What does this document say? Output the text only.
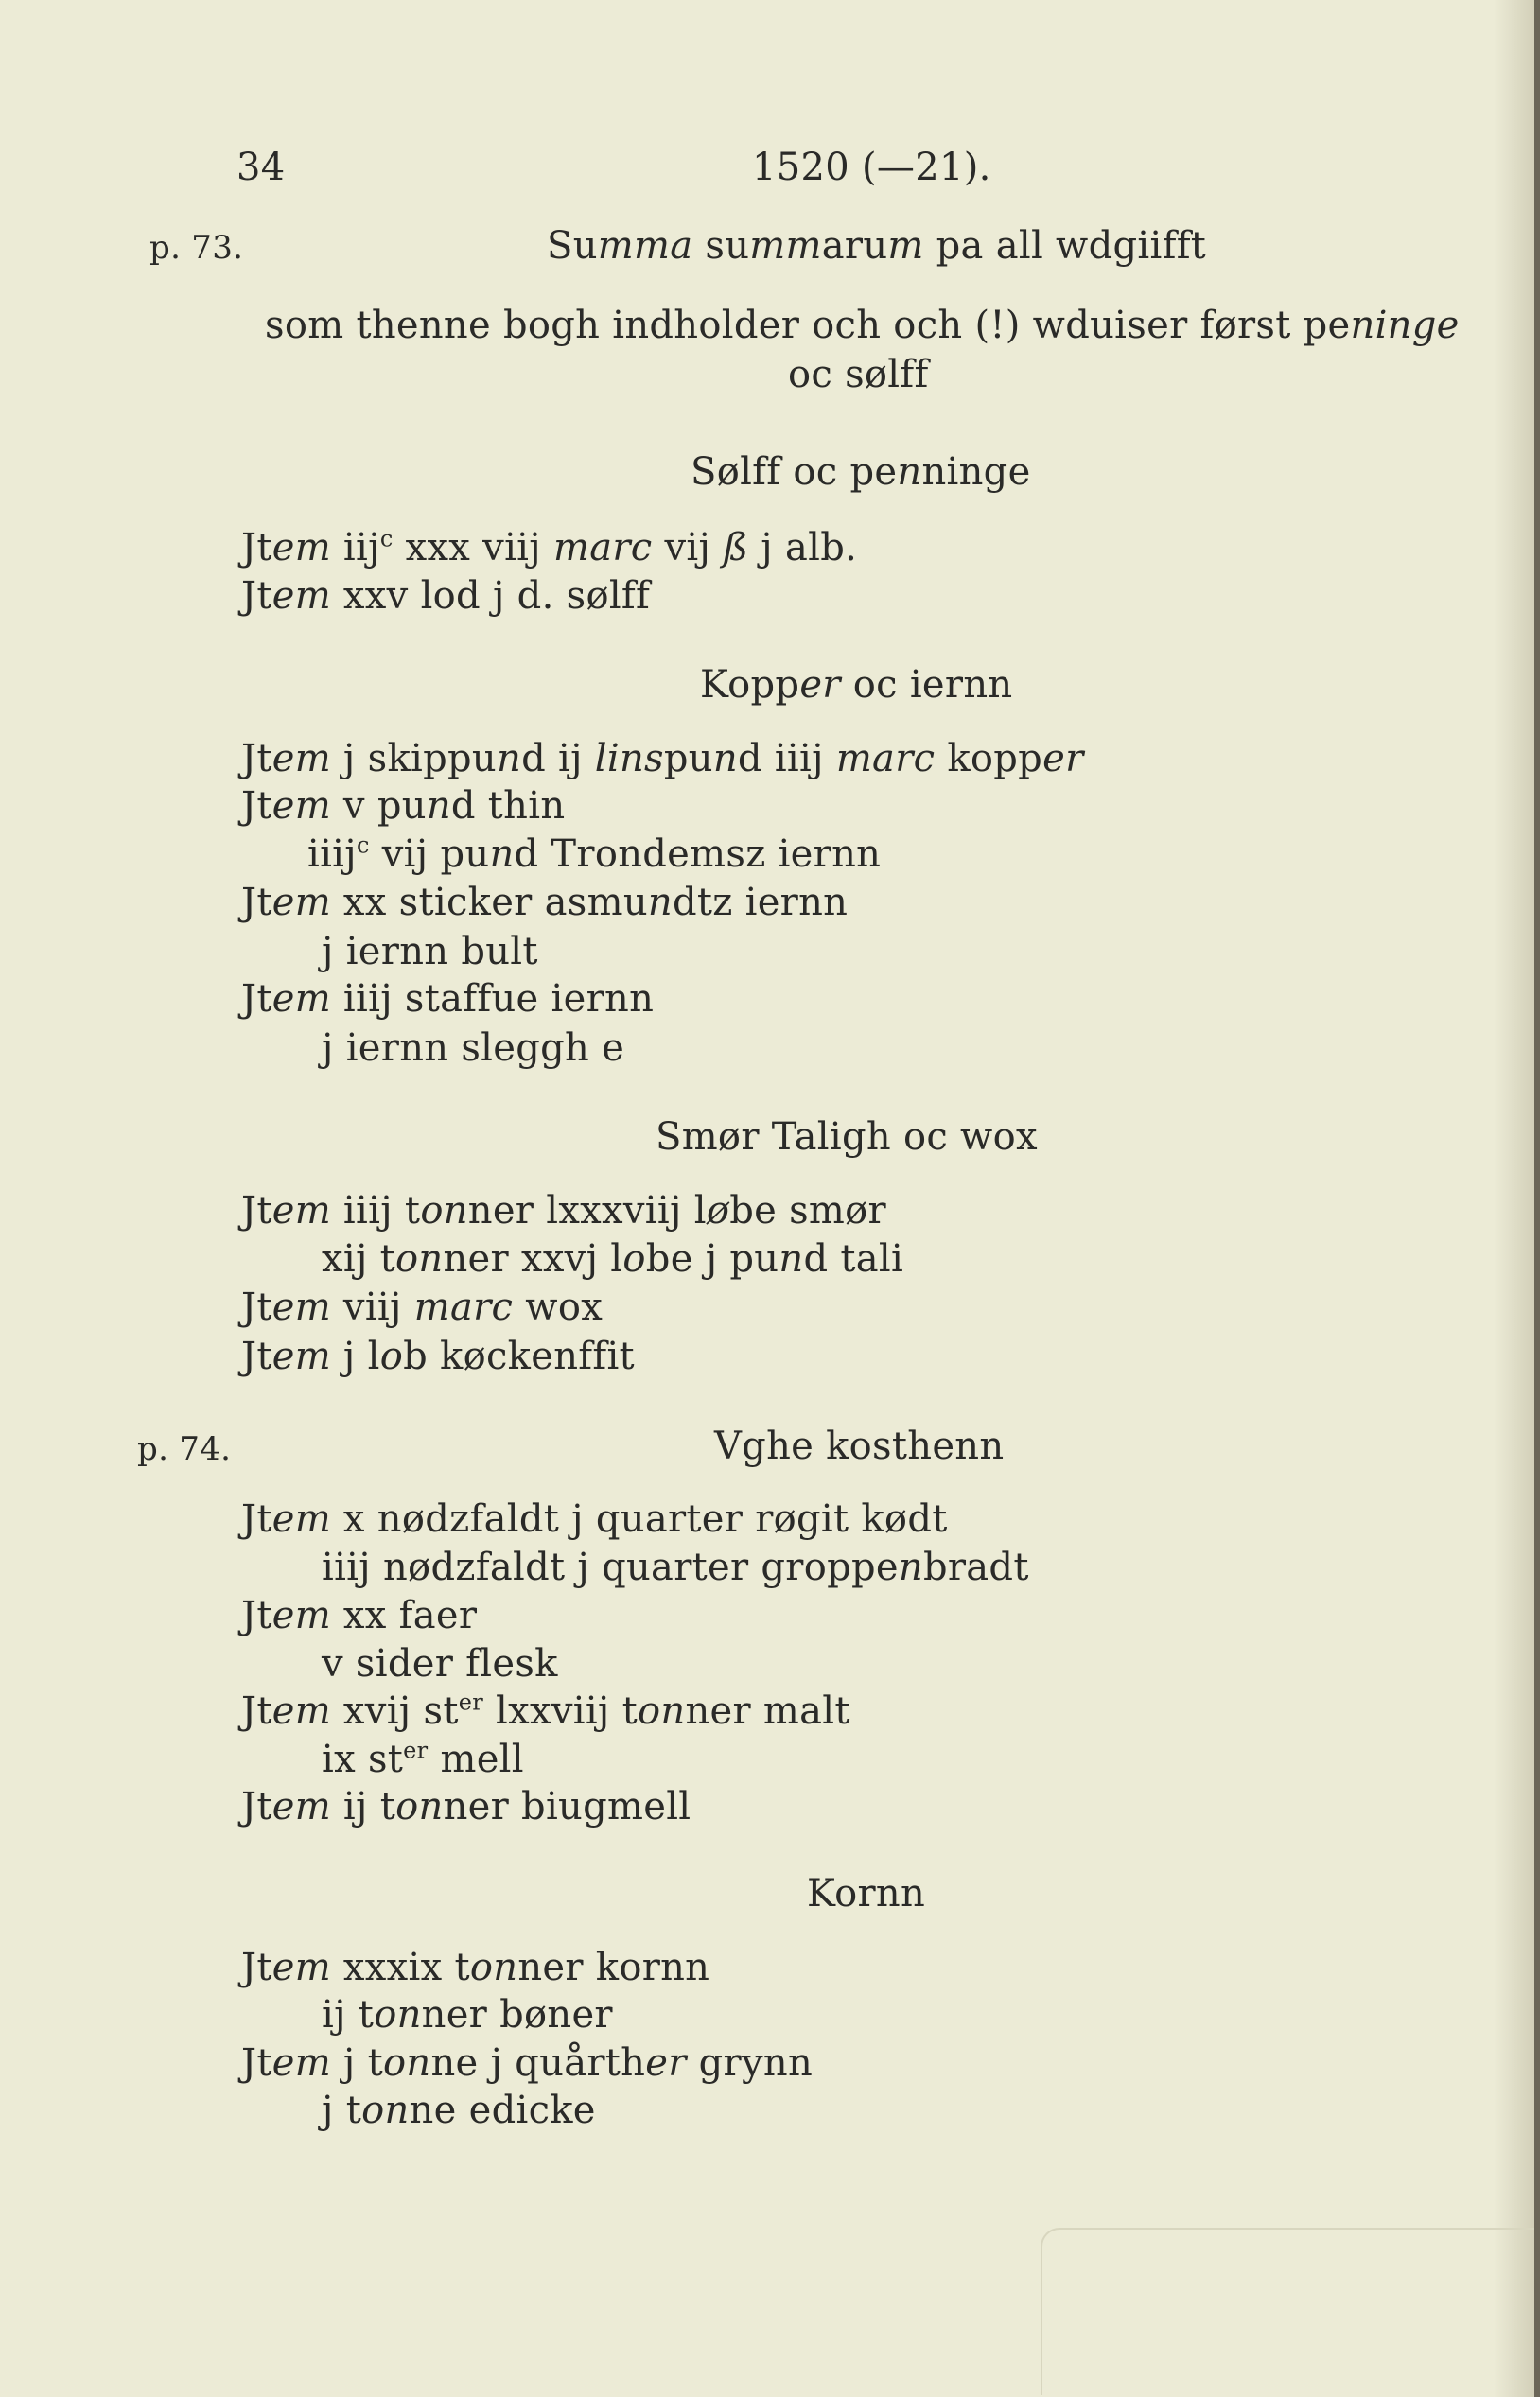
34	1520 (—21).
p. 73.	Summa summarum pa all wdgiifft
som thenne bogh indholder och och (!) wduiser først peninge
oc sølff
Sølff oc penninge
Jtem iij$^c$ xxx viij marc vij ß j alb.
Jtem xxv lod j d. sølff
Kopper oc iernn
Jtem j skippund ij linspund iiij marc kopper
Jtem v pund thin
iiij$^c$ vij pund Trondemsz iernn
Jtem xx sticker asmundtz iernn
j iernn bult
Jtem iiij staffue iernn
j iernn sleggh e
Smør Taligh oc wox
Jtem iiij tonner lxxxviij løbe smør
xij tonner xxvj lobe j pund tali
Jtem viij marc wox
Jtem j lob køckenffit
p. 74.	Vghe kosthenn
Jtem x nødzfaldt j quarter røgit kødt
iiij nødzfaldt j quarter groppenbradt
Jtem xx faer
v sider flesk
Jtem xvij $st^{er}$ lxxviij tonner malt
ix $st^{er}$ mell
Jtem ij tonner biugmell
Kornn
Jtem xxxix tonner kornn
ij tonner bøner
Jtem j tonne j quårther grynn
j tonne edicke
